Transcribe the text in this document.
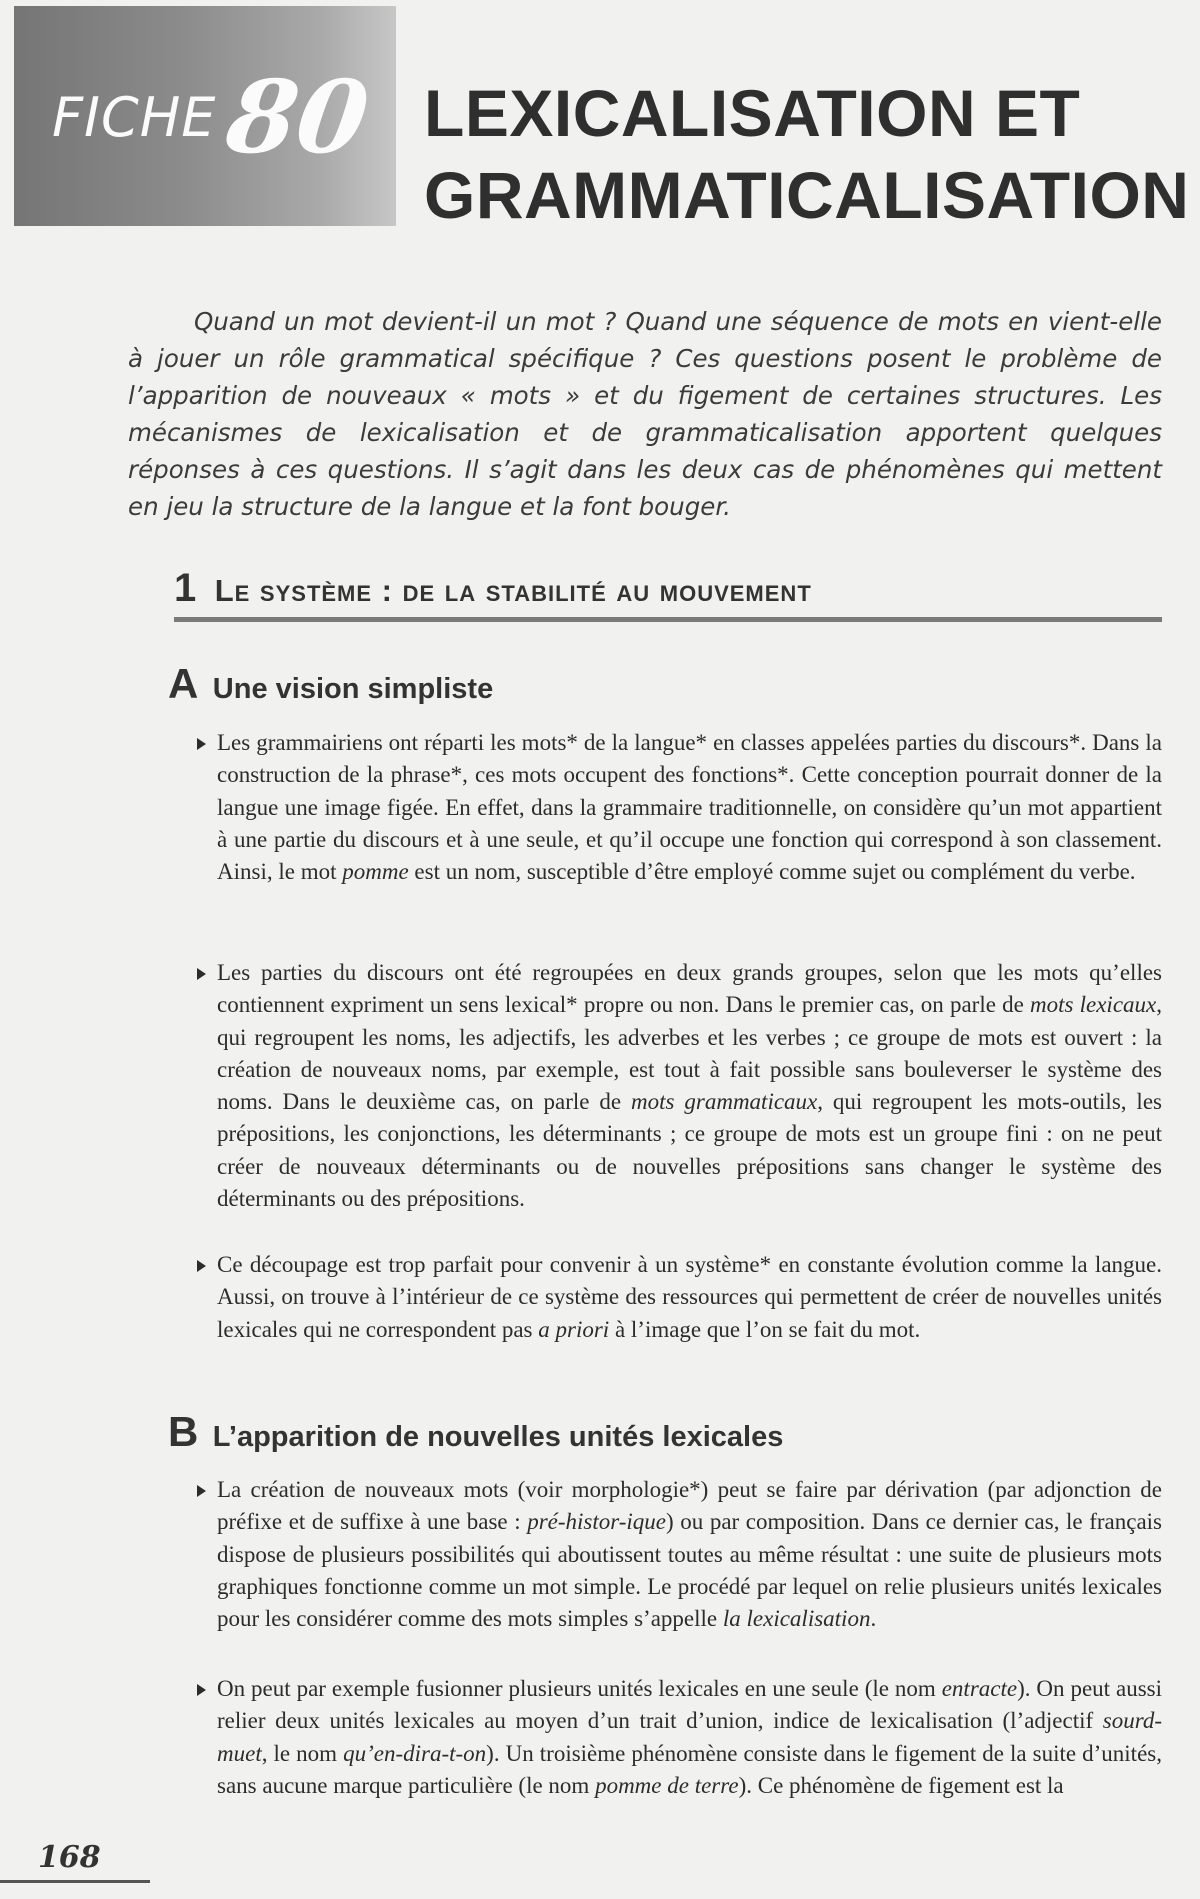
FICHE 80 LEXICALISATION ET
GRAMMATICALISATION

Quand un mot devient-il un mot ? Quand une séquence de mots en vient-elle à jouer un rôle grammatical spécifique ? Ces questions posent le problème de l’apparition de nouveaux « mots » et du figement de certaines structures. Les mécanismes de lexicalisation et de grammaticalisation apportent quelques réponses à ces questions. Il s’agit dans les deux cas de phénomènes qui mettent en jeu la structure de la langue et la font bouger.

1 Le système : de la stabilité au mouvement
A Une vision simpliste

Les grammairiens ont réparti les mots* de la langue* en classes appelées parties du discours*. Dans la construction de la phrase*, ces mots occupent des fonctions*. Cette conception pourrait donner de la langue une image figée. En effet, dans la grammaire traditionnelle, on considère qu’un mot appartient à une partie du discours et à une seule, et qu’il occupe une fonction qui correspond à son classement. Ainsi, le mot pomme est un nom, susceptible d’être employé comme sujet ou complément du verbe.

Les parties du discours ont été regroupées en deux grands groupes, selon que les mots qu’elles contiennent expriment un sens lexical* propre ou non. Dans le premier cas, on parle de mots lexicaux, qui regroupent les noms, les adjectifs, les adverbes et les verbes ; ce groupe de mots est ouvert : la création de nouveaux noms, par exemple, est tout à fait possible sans bouleverser le système des noms. Dans le deuxième cas, on parle de mots grammaticaux, qui regroupent les mots-outils, les prépositions, les conjonctions, les déterminants ; ce groupe de mots est un groupe fini : on ne peut créer de nouveaux déterminants ou de nouvelles prépositions sans changer le système des déterminants ou des prépositions.

Ce découpage est trop parfait pour convenir à un système* en constante évolution comme la langue. Aussi, on trouve à l’intérieur de ce système des ressources qui permettent de créer de nouvelles unités lexicales qui ne correspondent pas a priori à l’image que l’on se fait du mot.

B L’apparition de nouvelles unités lexicales

La création de nouveaux mots (voir morphologie*) peut se faire par dérivation (par adjonction de préfixe et de suffixe à une base : pré-histor-ique) ou par composition. Dans ce dernier cas, le français dispose de plusieurs possibilités qui aboutissent toutes au même résultat : une suite de plusieurs mots graphiques fonctionne comme un mot simple. Le procédé par lequel on relie plusieurs unités lexicales pour les considérer comme des mots simples s’appelle la lexicalisation.

On peut par exemple fusionner plusieurs unités lexicales en une seule (le nom entracte). On peut aussi relier deux unités lexicales au moyen d’un trait d’union, indice de lexicalisation (l’adjectif sourd-muet, le nom qu’en-dira-t-on). Un troisième phénomène consiste dans le figement de la suite d’unités, sans aucune marque particulière (le nom pomme de terre). Ce phénomène de figement est la

168
